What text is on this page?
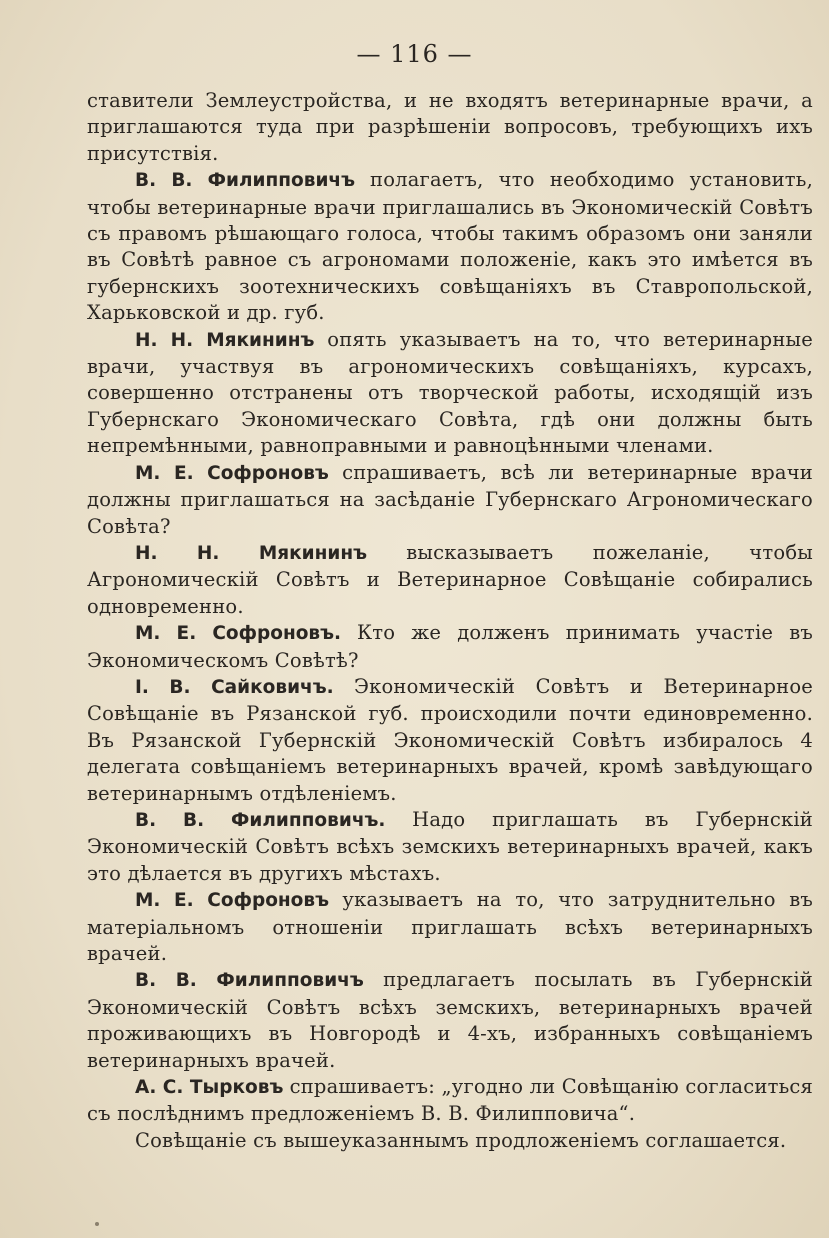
— 116 —

ставители Землеустройства, и не входятъ ветеринарные врачи, а приглашаются туда при разрѣшеніи вопросовъ, требующихъ ихъ присутствія.

В. В. Филипповичъ полагаетъ, что необходимо установить, чтобы ветеринарные врачи приглашались въ Экономическій Совѣтъ съ правомъ рѣшающаго голоса, чтобы такимъ образомъ они заняли въ Совѣтѣ равное съ агрономами положеніе, какъ это имѣется въ губернскихъ зоотехническихъ совѣщаніяхъ въ Ставропольской, Харьковской и др. губ.

Н. Н. Мякининъ опять указываетъ на то, что ветеринарные врачи, участвуя въ агрономическихъ совѣщаніяхъ, курсахъ, совершенно отстранены отъ творческой работы, исходящій изъ Губернскаго Экономическаго Совѣта, гдѣ они должны быть непремѣнными, равноправными и равноцѣнными членами.

М. Е. Софроновъ спрашиваетъ, всѣ ли ветеринарные врачи должны приглашаться на засѣданіе Губернскаго Агрономическаго Совѣта?

Н. Н. Мякининъ высказываетъ пожеланіе, чтобы Агрономическій Совѣтъ и Ветеринарное Совѣщаніе собирались одновременно.

М. Е. Софроновъ. Кто же долженъ принимать участіе въ Экономическомъ Совѣтѣ?

І. В. Сайковичъ. Экономическій Совѣтъ и Ветеринарное Совѣщаніе въ Рязанской губ. происходили почти единовременно. Въ Рязанской Губернскій Экономическій Совѣтъ избиралось 4 делегата совѣщаніемъ ветеринарныхъ врачей, кромѣ завѣдующаго ветеринарнымъ отдѣленіемъ.

В. В. Филипповичъ. Надо приглашать въ Губернскій Экономическій Совѣтъ всѣхъ земскихъ ветеринарныхъ врачей, какъ это дѣлается въ другихъ мѣстахъ.

М. Е. Софроновъ указываетъ на то, что затруднительно въ матеріальномъ отношеніи приглашать всѣхъ ветеринарныхъ врачей.

В. В. Филипповичъ предлагаетъ посылать въ Губернскій Экономическій Совѣтъ всѣхъ земскихъ, ветеринарныхъ врачей проживающихъ въ Новгородѣ и 4-хъ, избранныхъ совѣщаніемъ ветеринарныхъ врачей.

А. С. Тырковъ спрашиваетъ: „угодно ли Совѣщанію согласиться съ послѣднимъ предложеніемъ В. В. Филипповича“.

Совѣщаніе съ вышеуказаннымъ продложеніемъ соглашается.
